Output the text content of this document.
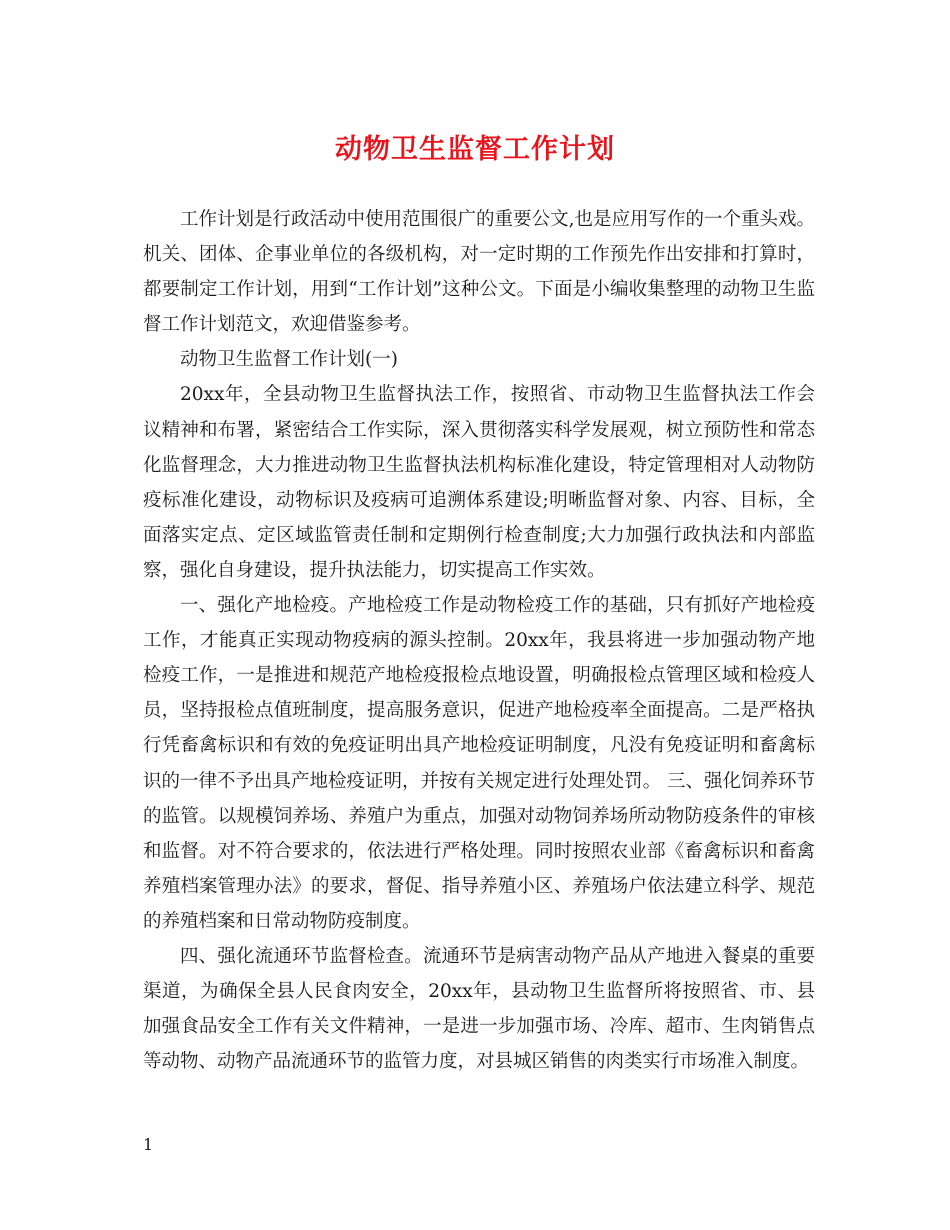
动物卫生监督工作计划

工作计划是行政活动中使用范围很广的重要公文,也是应用写作的一个重头戏。机关、团体、企事业单位的各级机构，对一定时期的工作预先作出安排和打算时，都要制定工作计划，用到“工作计划”这种公文。下面是小编收集整理的动物卫生监督工作计划范文，欢迎借鉴参考。

动物卫生监督工作计划(一)

20xx年，全县动物卫生监督执法工作，按照省、市动物卫生监督执法工作会议精神和布署，紧密结合工作实际，深入贯彻落实科学发展观，树立预防性和常态化监督理念，大力推进动物卫生监督执法机构标准化建设，特定管理相对人动物防疫标准化建设，动物标识及疫病可追溯体系建设;明晰监督对象、内容、目标，全面落实定点、定区域监管责任制和定期例行检查制度;大力加强行政执法和内部监察，强化自身建设，提升执法能力，切实提高工作实效。

一、强化产地检疫。产地检疫工作是动物检疫工作的基础，只有抓好产地检疫工作，才能真正实现动物疫病的源头控制。20xx年，我县将进一步加强动物产地检疫工作，一是推进和规范产地检疫报检点地设置，明确报检点管理区域和检疫人员，坚持报检点值班制度，提高服务意识，促进产地检疫率全面提高。二是严格执行凭畜禽标识和有效的免疫证明出具产地检疫证明制度，凡没有免疫证明和畜禽标识的一律不予出具产地检疫证明，并按有关规定进行处理处罚。 三、强化饲养环节的监管。以规模饲养场、养殖户为重点，加强对动物饲养场所动物防疫条件的审核和监督。对不符合要求的，依法进行严格处理。同时按照农业部《畜禽标识和畜禽养殖档案管理办法》的要求，督促、指导养殖小区、养殖场户依法建立科学、规范的养殖档案和日常动物防疫制度。

四、强化流通环节监督检查。流通环节是病害动物产品从产地进入餐桌的重要渠道，为确保全县人民食肉安全，20xx年，县动物卫生监督所将按照省、市、县加强食品安全工作有关文件精神，一是进一步加强市场、冷库、超市、生肉销售点等动物、动物产品流通环节的监管力度，对县城区销售的肉类实行市场准入制度。

1
